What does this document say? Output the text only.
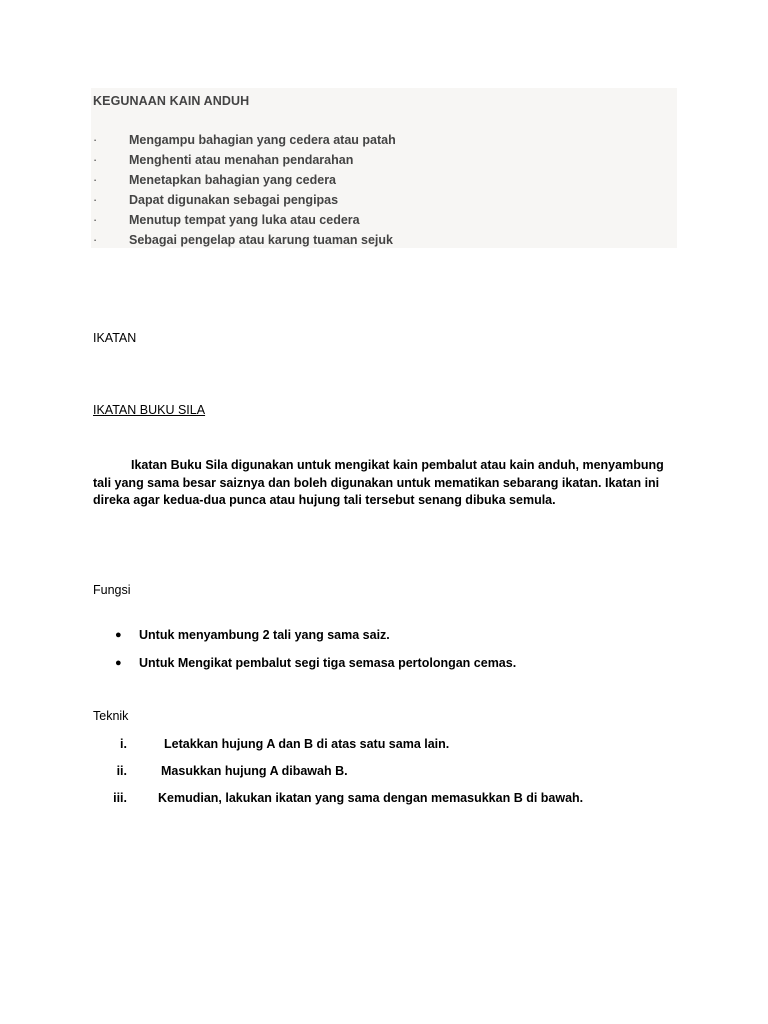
KEGUNAAN KAIN ANDUH
·	Mengampu bahagian yang cedera atau patah
·	Menghenti atau menahan pendarahan
·	Menetapkan bahagian yang cedera
·	Dapat digunakan sebagai pengipas
·	Menutup tempat yang luka atau cedera
·	Sebagai pengelap atau karung tuaman sejuk
IKATAN
IKATAN BUKU SILA

Ikatan Buku Sila digunakan untuk mengikat kain pembalut atau kain anduh, menyambung tali yang sama besar saiznya dan boleh digunakan untuk mematikan sebarang ikatan. Ikatan ini direka agar kedua-dua punca atau hujung tali tersebut senang dibuka semula.

Fungsi
● Untuk menyambung 2 tali yang sama saiz.
● Untuk Mengikat pembalut segi tiga semasa pertolongan cemas.
Teknik
i.	Letakkan hujung A dan B di atas satu sama lain.
ii.	Masukkan hujung A dibawah B.
iii. Kemudian, lakukan ikatan yang sama dengan memasukkan B di bawah.
